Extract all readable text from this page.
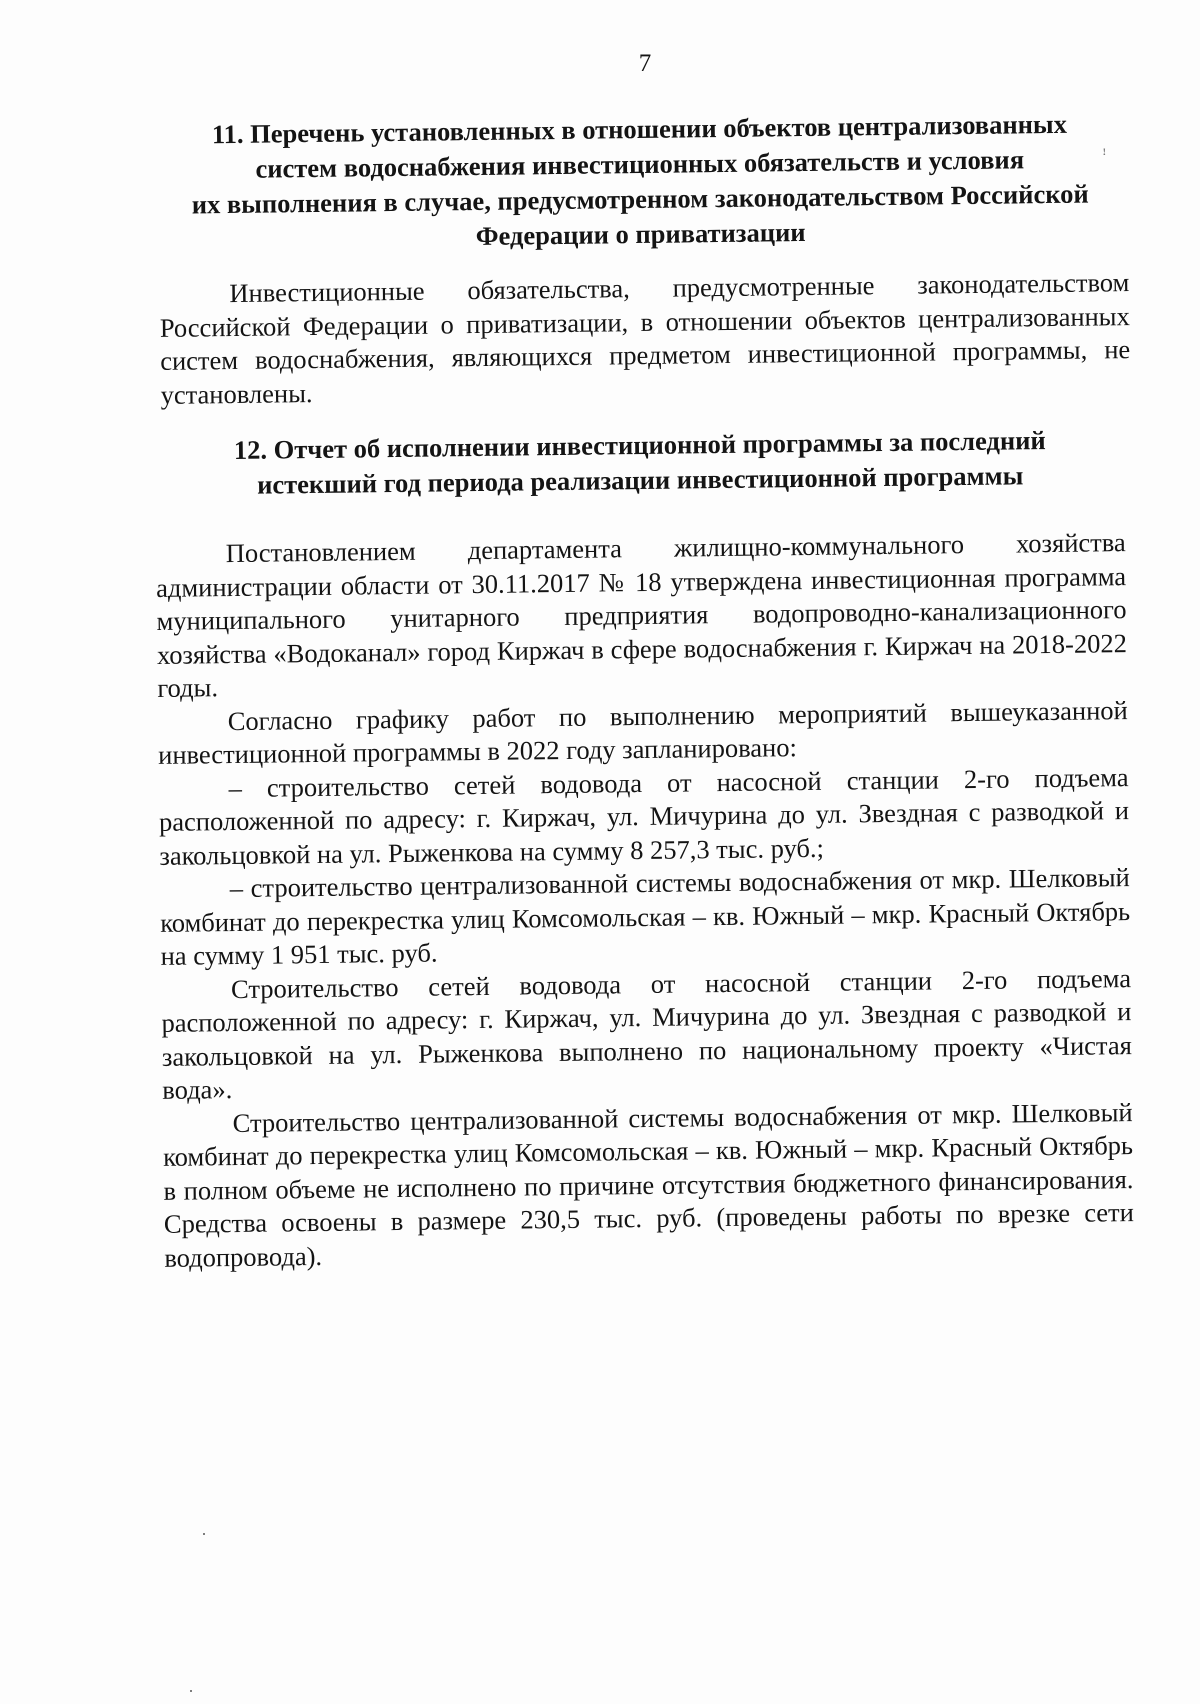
7
ꜝ
11. Перечень установленных в отношении объектов централизованных
систем водоснабжения инвестиционных обязательств и условия
их выполнения в случае, предусмотренном законодательством Российской
Федерации о приватизации

Инвестиционные обязательства, предусмотренные законодательством Российской Федерации о приватизации, в отношении объектов централизованных систем водоснабжения, являющихся предметом инвестиционной программы, не установлены.

12. Отчет об исполнении инвестиционной программы за последний
истекший год периода реализации инвестиционной программы

Постановлением департамента жилищно-коммунального хозяйства администрации области от 30.11.2017 № 18 утверждена инвестиционная программа муниципального унитарного предприятия водопроводно-канализационного хозяйства «Водоканал» город Киржач в сфере водоснабжения г. Киржач на 2018-2022 годы.

Согласно графику работ по выполнению мероприятий вышеуказанной инвестиционной программы в 2022 году запланировано:

– строительство сетей водовода от насосной станции 2-го подъема расположенной по адресу: г. Киржач, ул. Мичурина до ул. Звездная с разводкой и закольцовкой на ул. Рыженкова на сумму 8 257,3 тыс. руб.;

– строительство централизованной системы водоснабжения от мкр. Шелковый комбинат до перекрестка улиц Комсомольская – кв. Южный – мкр. Красный Октябрь на сумму 1 951 тыс. руб.

Строительство сетей водовода от насосной станции 2-го подъема расположенной по адресу: г. Киржач, ул. Мичурина до ул. Звездная с разводкой и закольцовкой на ул. Рыженкова выполнено по национальному проекту «Чистая вода».

Строительство централизованной системы водоснабжения от мкр. Шелковый комбинат до перекрестка улиц Комсомольская – кв. Южный – мкр. Красный Октябрь в полном объеме не исполнено по причине отсутствия бюджетного финансирования. Средства освоены в размере 230,5 тыс. руб. (проведены работы по врезке сети водопровода).
